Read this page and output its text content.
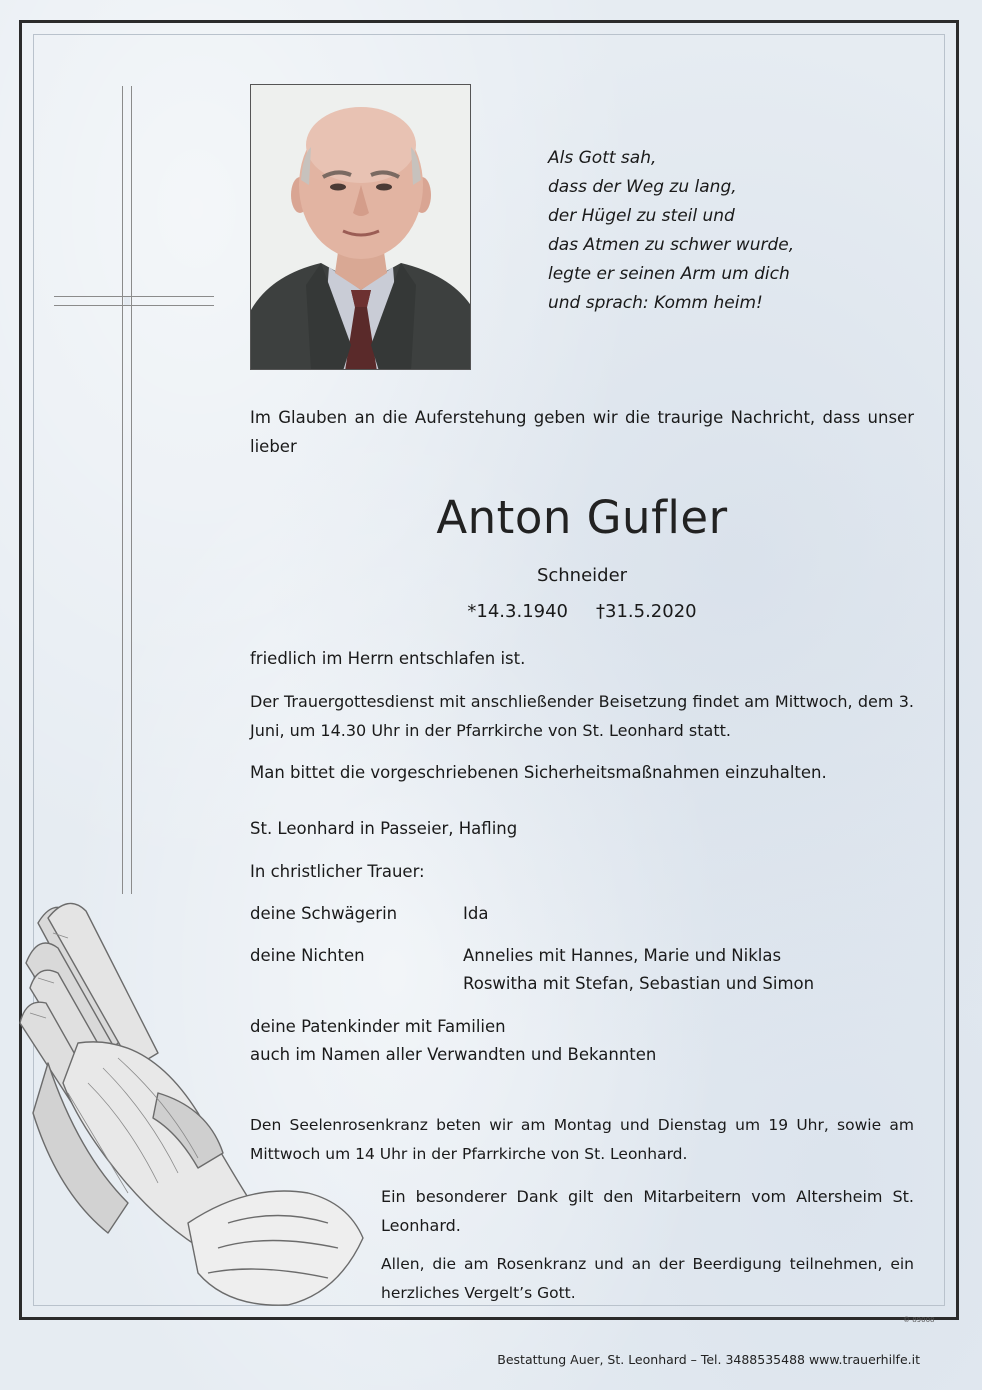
Als Gott sah,
dass der Weg zu lang,
der Hügel zu steil und
das Atmen zu schwer wurde,
legte er seinen Arm um dich
und sprach: Komm heim!
Im Glauben an die Auferstehung geben wir die traurige Nachricht, dass unser lieber
Anton Gufler
Schneider
*14.3.1940 †31.5.2020
friedlich im Herrn entschlafen ist.
Der Trauergottesdienst mit anschließender Beisetzung findet am Mittwoch, dem 3. Juni, um 14.30 Uhr in der Pfarrkirche von St. Leonhard statt.
Man bittet die vorgeschriebenen Sicherheitsmaßnahmen einzuhalten.
St. Leonhard in Passeier, Hafling
In christlicher Trauer:
deine Schwägerin	Ida
deine Nichten	Annelies mit Hannes, Marie und Niklas
Roswitha mit Stefan, Sebastian und Simon
deine Patenkinder mit Familien
auch im Namen aller Verwandten und Bekannten
Den Seelenrosenkranz beten wir am Montag und Dienstag um 19 Uhr, sowie am Mittwoch um 14 Uhr in der Pfarrkirche von St. Leonhard.
Ein besonderer Dank gilt den Mitarbeitern vom Altersheim St. Leonhard.
Allen, die am Rosenkranz und an der Beerdigung teilnehmen, ein herzliches Vergelt’s Gott.
© 89008
Bestattung Auer, St. Leonhard – Tel. 3488535488 www.trauerhilfe.it
